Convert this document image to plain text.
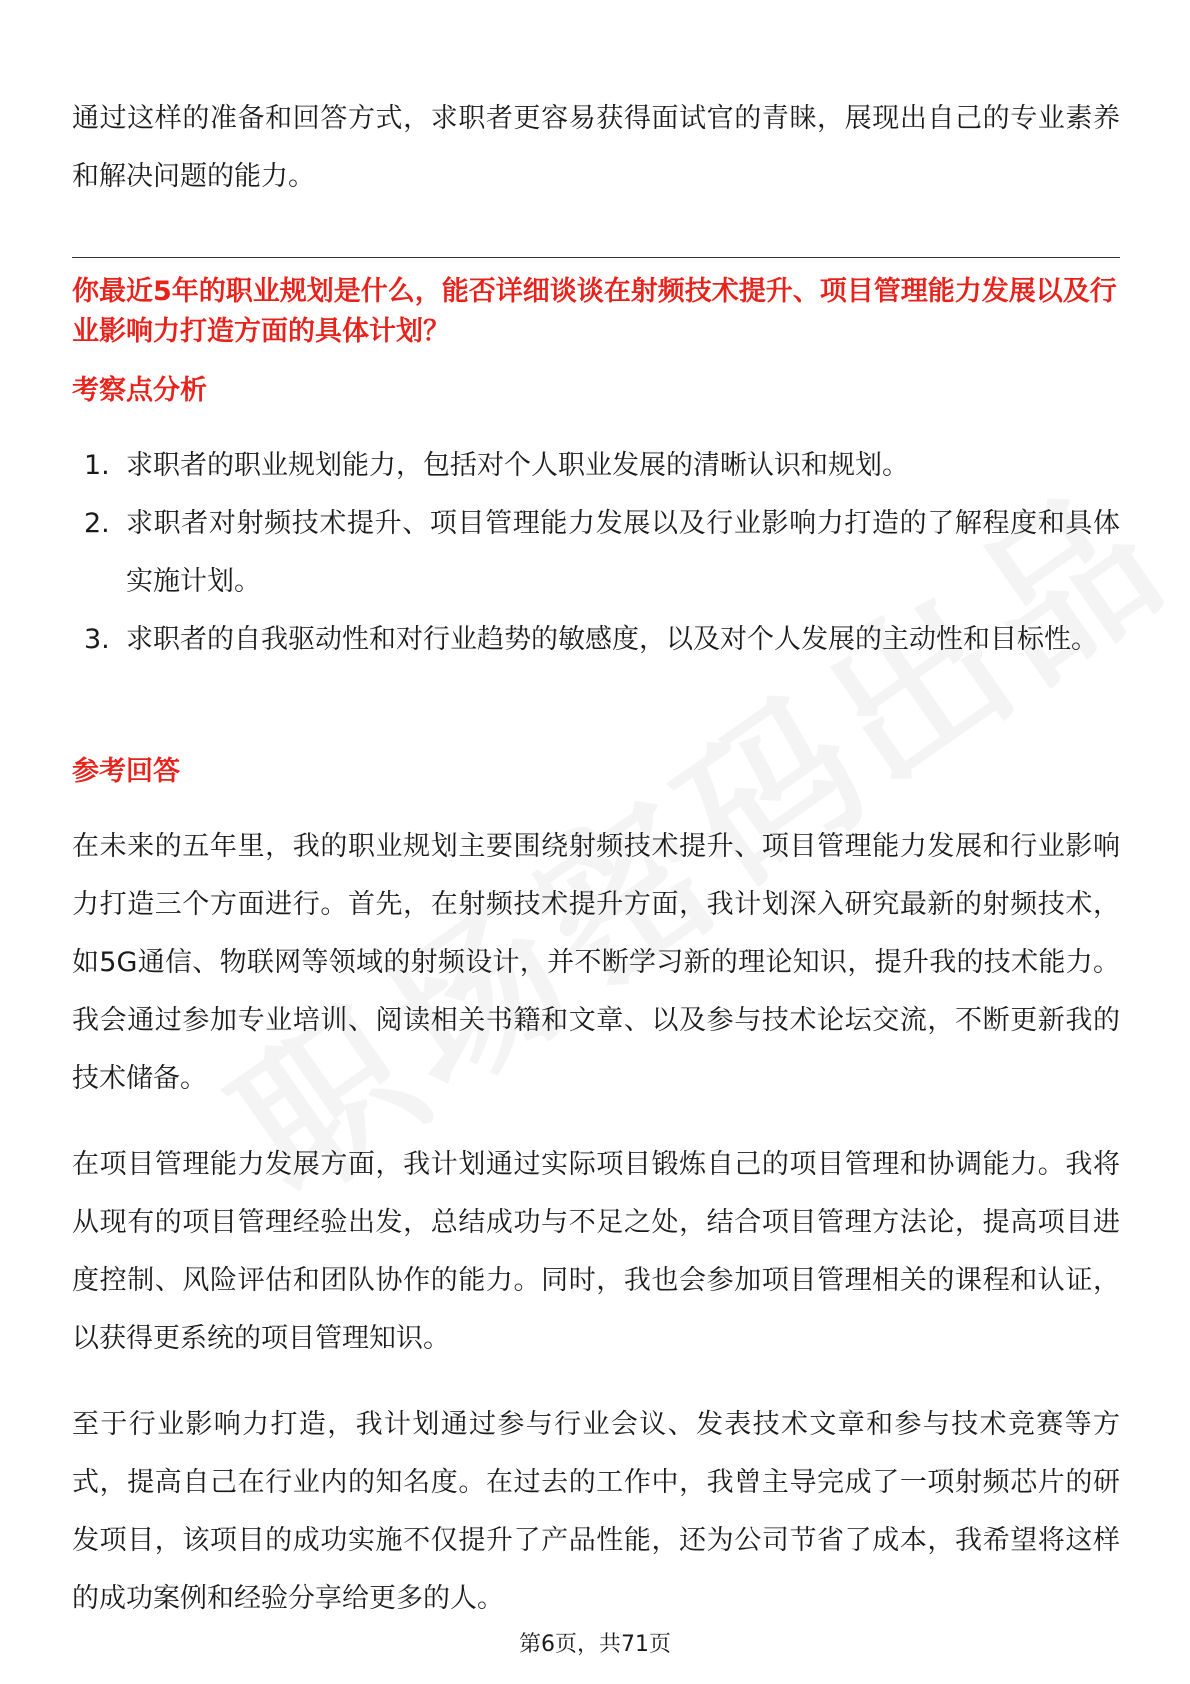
通过这样的准备和回答方式，求职者更容易获得面试官的青睐，展现出自己的专业素养和解决问题的能力。

你最近5年的职业规划是什么，能否详细谈谈在射频技术提升、项目管理能力发展以及行业影响力打造方面的具体计划？

考察点分析
1. 求职者的职业规划能力，包括对个人职业发展的清晰认识和规划。
2. 求职者对射频技术提升、项目管理能力发展以及行业影响力打造的了解程度和具体实施计划。
3. 求职者的自我驱动性和对行业趋势的敏感度，以及对个人发展的主动性和目标性。
参考回答

在未来的五年里，我的职业规划主要围绕射频技术提升、项目管理能力发展和行业影响力打造三个方面进行。首先，在射频技术提升方面，我计划深入研究最新的射频技术，如5G通信、物联网等领域的射频设计，并不断学习新的理论知识，提升我的技术能力。我会通过参加专业培训、阅读相关书籍和文章、以及参与技术论坛交流，不断更新我的技术储备。

在项目管理能力发展方面，我计划通过实际项目锻炼自己的项目管理和协调能力。我将从现有的项目管理经验出发，总结成功与不足之处，结合项目管理方法论，提高项目进度控制、风险评估和团队协作的能力。同时，我也会参加项目管理相关的课程和认证，以获得更系统的项目管理知识。

至于行业影响力打造，我计划通过参与行业会议、发表技术文章和参与技术竞赛等方式，提高自己在行业内的知名度。在过去的工作中，我曾主导完成了一项射频芯片的研发项目，该项目的成功实施不仅提升了产品性能，还为公司节省了成本，我希望将这样的成功案例和经验分享给更多的人。

第6页，共71页
